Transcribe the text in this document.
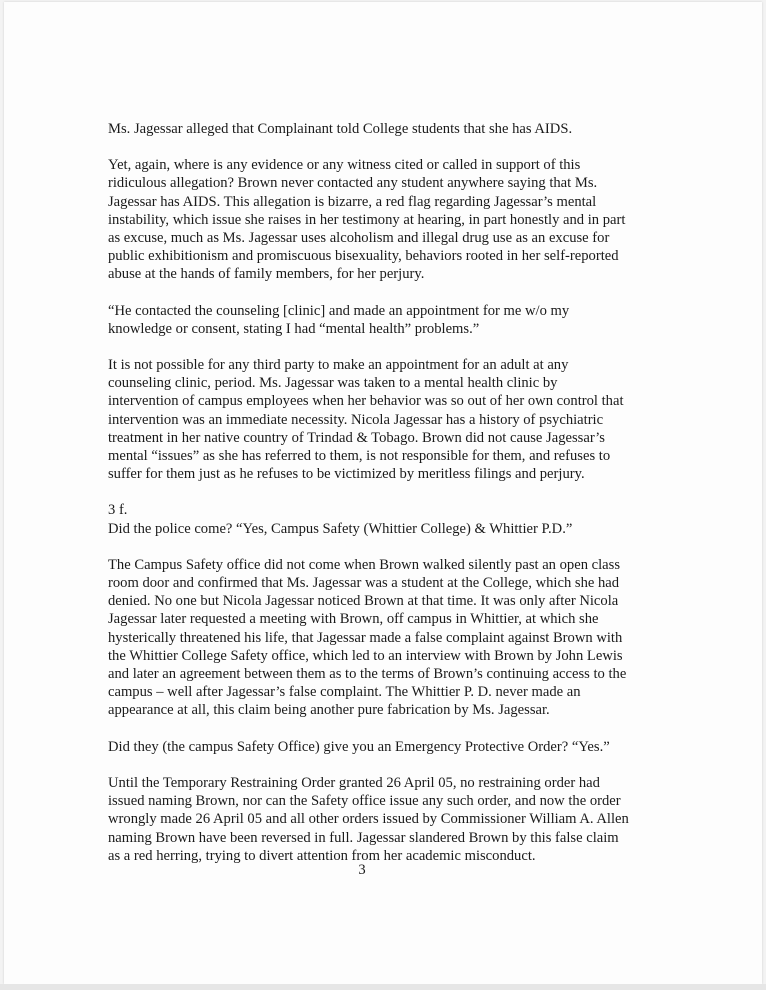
Ms. Jagessar alleged that Complainant told College students that she has AIDS.

Yet, again, where is any evidence or any witness cited or called in support of this
ridiculous allegation? Brown never contacted any student anywhere saying that Ms.
Jagessar has AIDS. This allegation is bizarre, a red flag regarding Jagessar’s mental
instability, which issue she raises in her testimony at hearing, in part honestly and in part
as excuse, much as Ms. Jagessar uses alcoholism and illegal drug use as an excuse for
public exhibitionism and promiscuous bisexuality, behaviors rooted in her self-reported
abuse at the hands of family members, for her perjury.

“He contacted the counseling [clinic] and made an appointment for me w/o my
knowledge or consent, stating I had “mental health” problems.”

It is not possible for any third party to make an appointment for an adult at any
counseling clinic, period. Ms. Jagessar was taken to a mental health clinic by
intervention of campus employees when her behavior was so out of her own control that
intervention was an immediate necessity. Nicola Jagessar has a history of psychiatric
treatment in her native country of Trindad & Tobago. Brown did not cause Jagessar’s
mental “issues” as she has referred to them, is not responsible for them, and refuses to
suffer for them just as he refuses to be victimized by meritless filings and perjury.

3 f.

Did the police come? “Yes, Campus Safety (Whittier College) & Whittier P.D.”

The Campus Safety office did not come when Brown walked silently past an open class
room door and confirmed that Ms. Jagessar was a student at the College, which she had
denied. No one but Nicola Jagessar noticed Brown at that time. It was only after Nicola
Jagessar later requested a meeting with Brown, off campus in Whittier, at which she
hysterically threatened his life, that Jagessar made a false complaint against Brown with
the Whittier College Safety office, which led to an interview with Brown by John Lewis
and later an agreement between them as to the terms of Brown’s continuing access to the
campus – well after Jagessar’s false complaint. The Whittier P. D. never made an
appearance at all, this claim being another pure fabrication by Ms. Jagessar.

Did they (the campus Safety Office) give you an Emergency Protective Order? “Yes.”

Until the Temporary Restraining Order granted 26 April 05, no restraining order had
issued naming Brown, nor can the Safety office issue any such order, and now the order
wrongly made 26 April 05 and all other orders issued by Commissioner William A. Allen
naming Brown have been reversed in full. Jagessar slandered Brown by this false claim
as a red herring, trying to divert attention from her academic misconduct.

3
